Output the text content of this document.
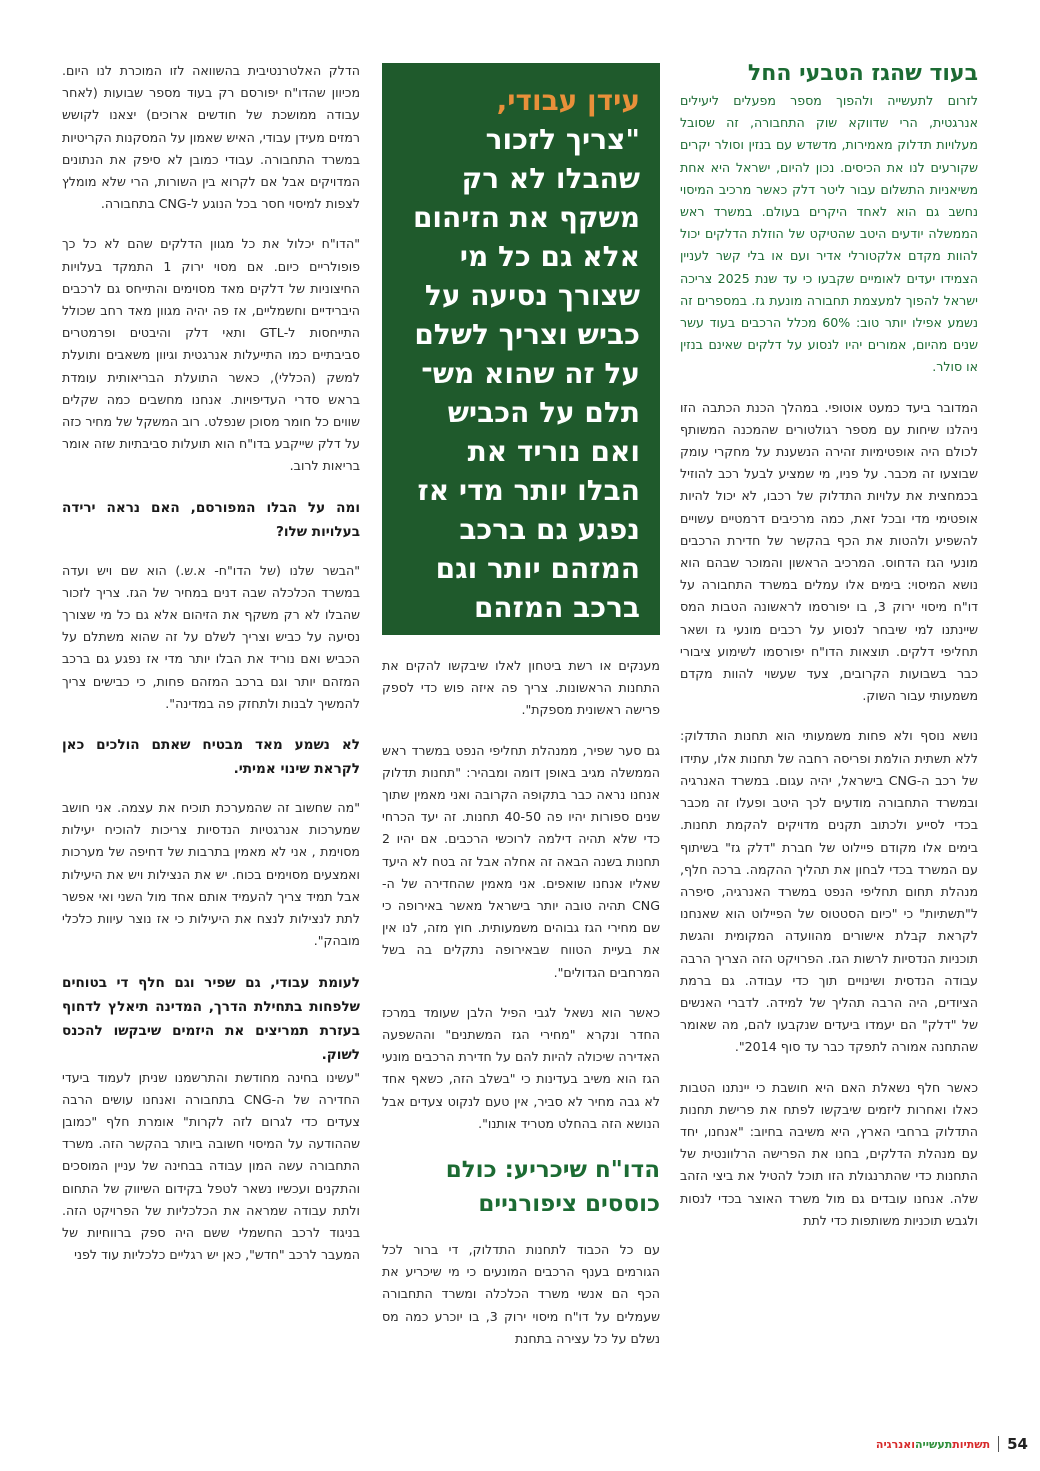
בעוד שהגז הטבעי החל

לזרום לתעשייה ולהפוך מספר מפעלים ליעילים אנרגטית, הרי שדווקא שוק התחבורה, זה שסובל מעלויות תדלוק מאמירות, מדשדש עם בנזין וסולר יקרים שקורעים לנו את הכיסים. נכון להיום, ישראל היא אחת משיאניות התשלום עבור ליטר דלק כאשר מרכיב המיסוי נחשב גם הוא לאחד היקרים בעולם. במשרד ראש הממשלה יודעים היטב שהטיקט של הוזלת הדלקים יכול להוות מקדם אלקטורלי אדיר ועם או בלי קשר לעניין הצמידו יעדים לאומיים שקבעו כי עד שנת 2025 צריכה ישראל להפוך למעצמת תחבורה מונעת גז. במספרים זה נשמע אפילו יותר טוב: 60% מכלל הרכבים בעוד עשר שנים מהיום, אמורים יהיו לנסוע על דלקים שאינם בנזין או סולר.

המדובר ביעד כמעט אוטופי. במהלך הכנת הכתבה הזו ניהלנו שיחות עם מספר רגולטורים שהמכנה המשותף לכולם היה אופטימיות זהירה הנשענת על מחקרי עומק שבוצעו זה מכבר. על פניו, מי שמציע לבעל רכב להוזיל בכמחצית את עלויות התדלוק של רכבו, לא יכול להיות אופטימי מדי ובכל זאת, כמה מרכיבים דרמטיים עשויים להשפיע ולהטות את הכף בהקשר של חדירת הרכבים מונעי הגז הדחוס. המרכיב הראשון והמוכר שבהם הוא נושא המיסוי: בימים אלו עמלים במשרד התחבורה על דו"ח מיסוי ירוק 3, בו יפורסמו לראשונה הטבות המס שיינתנו למי שיבחר לנסוע על רכבים מונעי גז ושאר תחליפי דלקים. תוצאות הדו"ח יפורסמו לשימוע ציבורי כבר בשבועות הקרובים, צעד שעשוי להוות מקדם משמעותי עבור השוק.

נושא נוסף ולא פחות משמעותי הוא תחנות התדלוק: ללא תשתית הולמת ופריסה רחבה של תחנות אלו, עתידו של רכב ה-CNG בישראל, יהיה עגום. במשרד האנרגיה ובמשרד התחבורה מודעים לכך היטב ופעלו זה מכבר בכדי לסייע ולכתוב תקנים מדויקים להקמת תחנות. בימים אלו מקודם פיילוט של חברת "דלק גז" בשיתוף עם המשרד בכדי לבחון את תהליך ההקמה. ברכה חלף, מנהלת תחום תחליפי הנפט במשרד האנרגיה, סיפרה ל"תשתיות" כי "כיום הסטטוס של הפיילוט הוא שאנחנו לקראת קבלת אישורים מהוועדה המקומית והגשת תוכניות הנדסיות לרשות הגז. הפרויקט הזה הצריך הרבה עבודה הנדסית ושינויים תוך כדי עבודה. גם ברמת הציודים, היה הרבה תהליך של למידה. לדברי האנשים של "דלק" הם יעמדו ביעדים שנקבעו להם, מה שאומר שהתחנה אמורה לתפקד כבר עד סוף 2014".

כאשר חלף נשאלת האם היא חושבת כי יינתנו הטבות כאלו ואחרות ליזמים שיבקשו לפתח את פרישת תחנות התדלוק ברחבי הארץ, היא משיבה בחיוב: "אנחנו, יחד עם מנהלת הדלקים, בחנו את הפרישה הרלוונטית של התחנות כדי שהתרנגולת הזו תוכל להטיל את ביצי הזהב שלה. אנחנו עובדים גם מול משרד האוצר בכדי לנסות ולגבש תוכניות משותפות כדי לתת

עידן עבודי,
"צריך לזכור שהבלו לא רק משקף את הזיהום אלא גם כל מי שצורך נסיעה על כביש וצריך לשלם על זה שהוא מש־ תלם על הכביש ואם נוריד את הבלו יותר מדי אז נפגע גם ברכב המזהם יותר וגם ברכב המזהם פחות"

מענקים או רשת ביטחון לאלו שיבקשו להקים את התחנות הראשונות. צריך פה איזה פוש כדי לספק פרישה ראשונית מספקת".

גם סער שפיר, ממנהלת תחליפי הנפט במשרד ראש הממשלה מגיב באופן דומה ומבהיר: "תחנות תדלוק אנחנו נראה כבר בתקופה הקרובה ואני מאמין שתוך שנים ספורות יהיו פה 40-50 תחנות. זה יעד הכרחי כדי שלא תהיה דילמה לרוכשי הרכבים. אם יהיו 2 תחנות בשנה הבאה זה אחלה אבל זה בטח לא היעד שאליו אנחנו שואפים. אני מאמין שהחדירה של ה-CNG תהיה טובה יותר בישראל מאשר באירופה כי שם מחירי הגז גבוהים משמעותית. חוץ מזה, לנו אין את בעיית הטווח שבאירופה נתקלים בה בשל המרחבים הגדולים".

כאשר הוא נשאל לגבי הפיל הלבן שעומד במרכז החדר ונקרא "מחירי הגז המשתנים" וההשפעה האדירה שיכולה להיות להם על חדירת הרכבים מונעי הגז הוא משיב בעדינות כי "בשלב הזה, כשאף אחד לא גבה מחיר לא סביר, אין טעם לנקוט צעדים אבל הנושא הזה בהחלט מטריד אותנו".

הדו"ח שיכריע: כולם כוססים ציפורניים

עם כל הכבוד לתחנות התדלוק, די ברור לכל הגורמים בענף הרכבים המונעים כי מי שיכריע את הכף הם אנשי משרד הכלכלה ומשרד התחבורה שעמלים על דו"ח מיסוי ירוק 3, בו יוכרע כמה מס נשלם על כל עצירה בתחנת

הדלק האלטרנטיבית בהשוואה לזו המוכרת לנו היום. מכיוון שהדו"ח יפורסם רק בעוד מספר שבועות (לאחר עבודה ממושכת של חודשים ארוכים) יצאנו לקושש רמזים מעידן עבודי, האיש שאמון על המסקנות הקריטיות במשרד התחבורה. עבודי כמובן לא סיפק את הנתונים המדויקים אבל אם לקרוא בין השורות, הרי שלא מומלץ לצפות למיסוי חסר בכל הנוגע ל-CNG בתחבורה.

"הדו"ח יכלול את כל מגוון הדלקים שהם לא כל כך פופולריים כיום. אם מסוי ירוק 1 התמקד בעלויות החיצוניות של דלקים מאד מסוימים והתייחס גם לרכבים היברידיים וחשמליים, אז פה יהיה מגוון מאד רחב שכולל התייחסות ל-GTL ותאי דלק והיבטים ופרמטרים סביבתיים כמו התייעלות אנרגטית וגיוון משאבים ותועלת למשק (הכללי), כאשר התועלת הבריאותית עומדת בראש סדרי העדיפויות. אנחנו מחשבים כמה שקלים שווים כל חומר מסוכן שנפלט. רוב המשקל של מחיר כזה על דלק שייקבע בדו"ח הוא תועלות סביבתיות שזה אומר בריאות לרוב.

ומה על הבלו המפורסם, האם נראה ירידה בעלויות שלו?

"הבשר שלנו (של הדו"ח- א.ש.) הוא שם ויש ועדה במשרד הכלכלה שבה דנים במחיר של הגז. צריך לזכור שהבלו לא רק משקף את הזיהום אלא גם כל מי שצורך נסיעה על כביש וצריך לשלם על זה שהוא משתלם על הכביש ואם נוריד את הבלו יותר מדי אז נפגע גם ברכב המזהם יותר וגם ברכב המזהם פחות, כי כבישים צריך להמשיך לבנות ולתחזק פה במדינה".

לא נשמע מאד מבטיח שאתם הולכים כאן לקראת שינוי אמיתי.

"מה שחשוב זה שהמערכת תוכיח את עצמה. אני חושב שמערכות אנרגטיות הנדסיות צריכות להוכיח יעילות מסוימת , אני לא מאמין בתרבות של דחיפה של מערכות ואמצעים מסוימים בכוח. יש את הנצילות ויש את היעילות אבל תמיד צריך להעמיד אותם אחד מול השני ואי אפשר לתת לנצילות לנצח את היעילות כי אז נוצר עיוות כלכלי מובהק".

לעומת עבודי, גם שפיר וגם חלף די בטוחים שלפחות בתחילת הדרך, המדינה תיאלץ לדחוף בעזרת תמריצים את היזמים שיבקשו להכנס לשוק.

"עשינו בחינה מחודשת והתרשמנו שניתן לעמוד ביעדי החדירה של ה-CNG בתחבורה ואנחנו עושים הרבה צעדים כדי לגרום לזה לקרות" אומרת חלף "כמובן שההודעה על המיסוי חשובה ביותר בהקשר הזה. משרד התחבורה עשה המון עבודה בבחינה של עניין המוסכים והתקנים ועכשיו נשאר לטפל בקידום השיווק של התחום ולתת עבודה שמראה את הכלכליות של הפרויקט הזה. בניגוד לרכב החשמלי ששם היה ספק ברווחיות של המעבר לרכב "חדש", כאן יש רגליים כלכליות עוד לפני

54
תשתיותתעשייהואנרגיה
